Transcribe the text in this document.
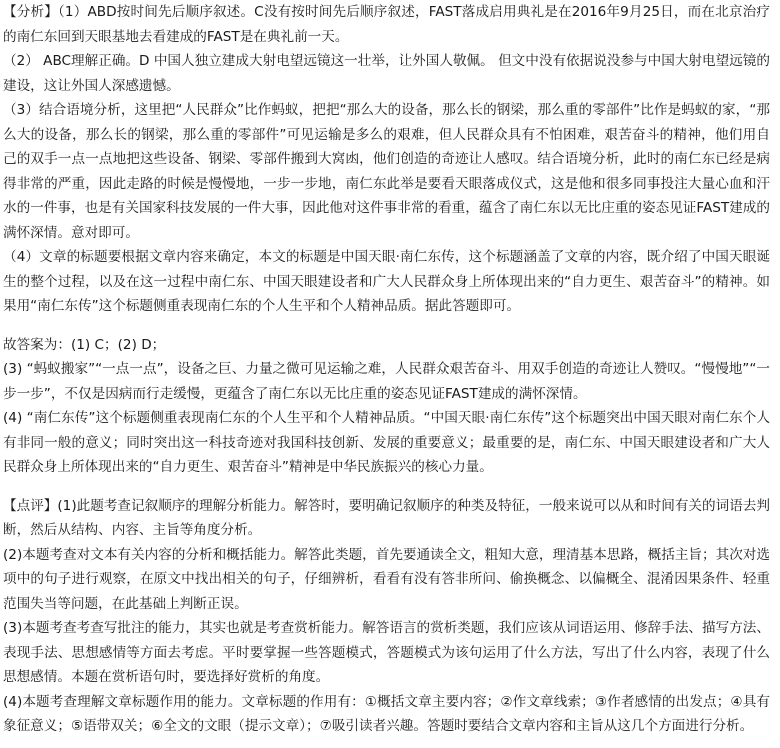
【分析】（1）ABD按时间先后顺序叙述。C没有按时间先后顺序叙述，FAST落成启用典礼是在2016年9月25日，而在北京治疗的南仁东回到天眼基地去看建成的FAST是在典礼前一天。

（2） ABC理解正确。D 中国人独立建成大射电望远镜这一壮举，让外国人敬佩。 但文中没有依据说没参与中国大射电望远镜的建设，这让外国人深感遗憾。

（3）结合语境分析，这里把“人民群众”比作蚂蚁，把把“那么大的设备，那么长的钢梁，那么重的零部件”比作是蚂蚁的家，“那么大的设备，那么长的钢梁，那么重的零部件”可见运输是多么的艰难，但人民群众具有不怕困难，艰苦奋斗的精神，他们用自己的双手一点一点地把这些设备、钢梁、零部件搬到大窝凼，他们创造的奇迹让人感叹。结合语境分析，此时的南仁东已经是病得非常的严重，因此走路的时候是慢慢地，一步一步地，南仁东此举是要看天眼落成仪式，这是他和很多同事投注大量心血和汗水的一件事，也是有关国家科技发展的一件大事，因此他对这件事非常的看重，蕴含了南仁东以无比庄重的姿态见证FAST建成的满怀深情。意对即可。

（4）文章的标题要根据文章内容来确定，本文的标题是中国天眼·南仁东传，这个标题涵盖了文章的内容，既介绍了中国天眼诞生的整个过程，以及在这一过程中南仁东、中国天眼建设者和广大人民群众身上所体现出来的“自力更生、艰苦奋斗”的精神。如果用“南仁东传”这个标题侧重表现南仁东的个人生平和个人精神品质。据此答题即可。

故答案为：(1) C；(2) D；

(3) “蚂蚁搬家”“一点一点”，设备之巨、力量之微可见运输之难，人民群众艰苦奋斗、用双手创造的奇迹让人赞叹。“慢慢地”“一步一步”，不仅是因病而行走缓慢，更蕴含了南仁东以无比庄重的姿态见证FAST建成的满怀深情。

(4) “南仁东传”这个标题侧重表现南仁东的个人生平和个人精神品质。“中国天眼·南仁东传”这个标题突出中国天眼对南仁东个人有非同一般的意义；同时突出这一科技奇迹对我国科技创新、发展的重要意义；最重要的是，南仁东、中国天眼建设者和广大人民群众身上所体现出来的“自力更生、艰苦奋斗”精神是中华民族振兴的核心力量。

【点评】(1)此题考查记叙顺序的理解分析能力。解答时，要明确记叙顺序的种类及特征，一般来说可以从和时间有关的词语去判断，然后从结构、内容、主旨等角度分析。

(2)本题考查对文本有关内容的分析和概括能力。解答此类题，首先要通读全文，粗知大意，理清基本思路，概括主旨；其次对选项中的句子进行观察，在原文中找出相关的句子，仔细辨析，看看有没有答非所问、偷换概念、以偏概全、混淆因果条件、轻重范围失当等问题，在此基础上判断正误。

(3)本题考查考查写批注的能力，其实也就是考查赏析能力。解答语言的赏析类题，我们应该从词语运用、修辞手法、描写方法、表现手法、思想感情等方面去考虑。平时要掌握一些答题模式，答题模式为该句运用了什么方法，写出了什么内容，表现了什么思想感情。本题在赏析语句时，要选择好赏析的角度。

(4)本题考查理解文章标题作用的能力。文章标题的作用有：①概括文章主要内容；②作文章线索；③作者感情的出发点；④具有象征意义；⑤语带双关；⑥全文的文眼（提示文章）；⑦吸引读者兴趣。答题时要结合文章内容和主旨从这几个方面进行分析。
